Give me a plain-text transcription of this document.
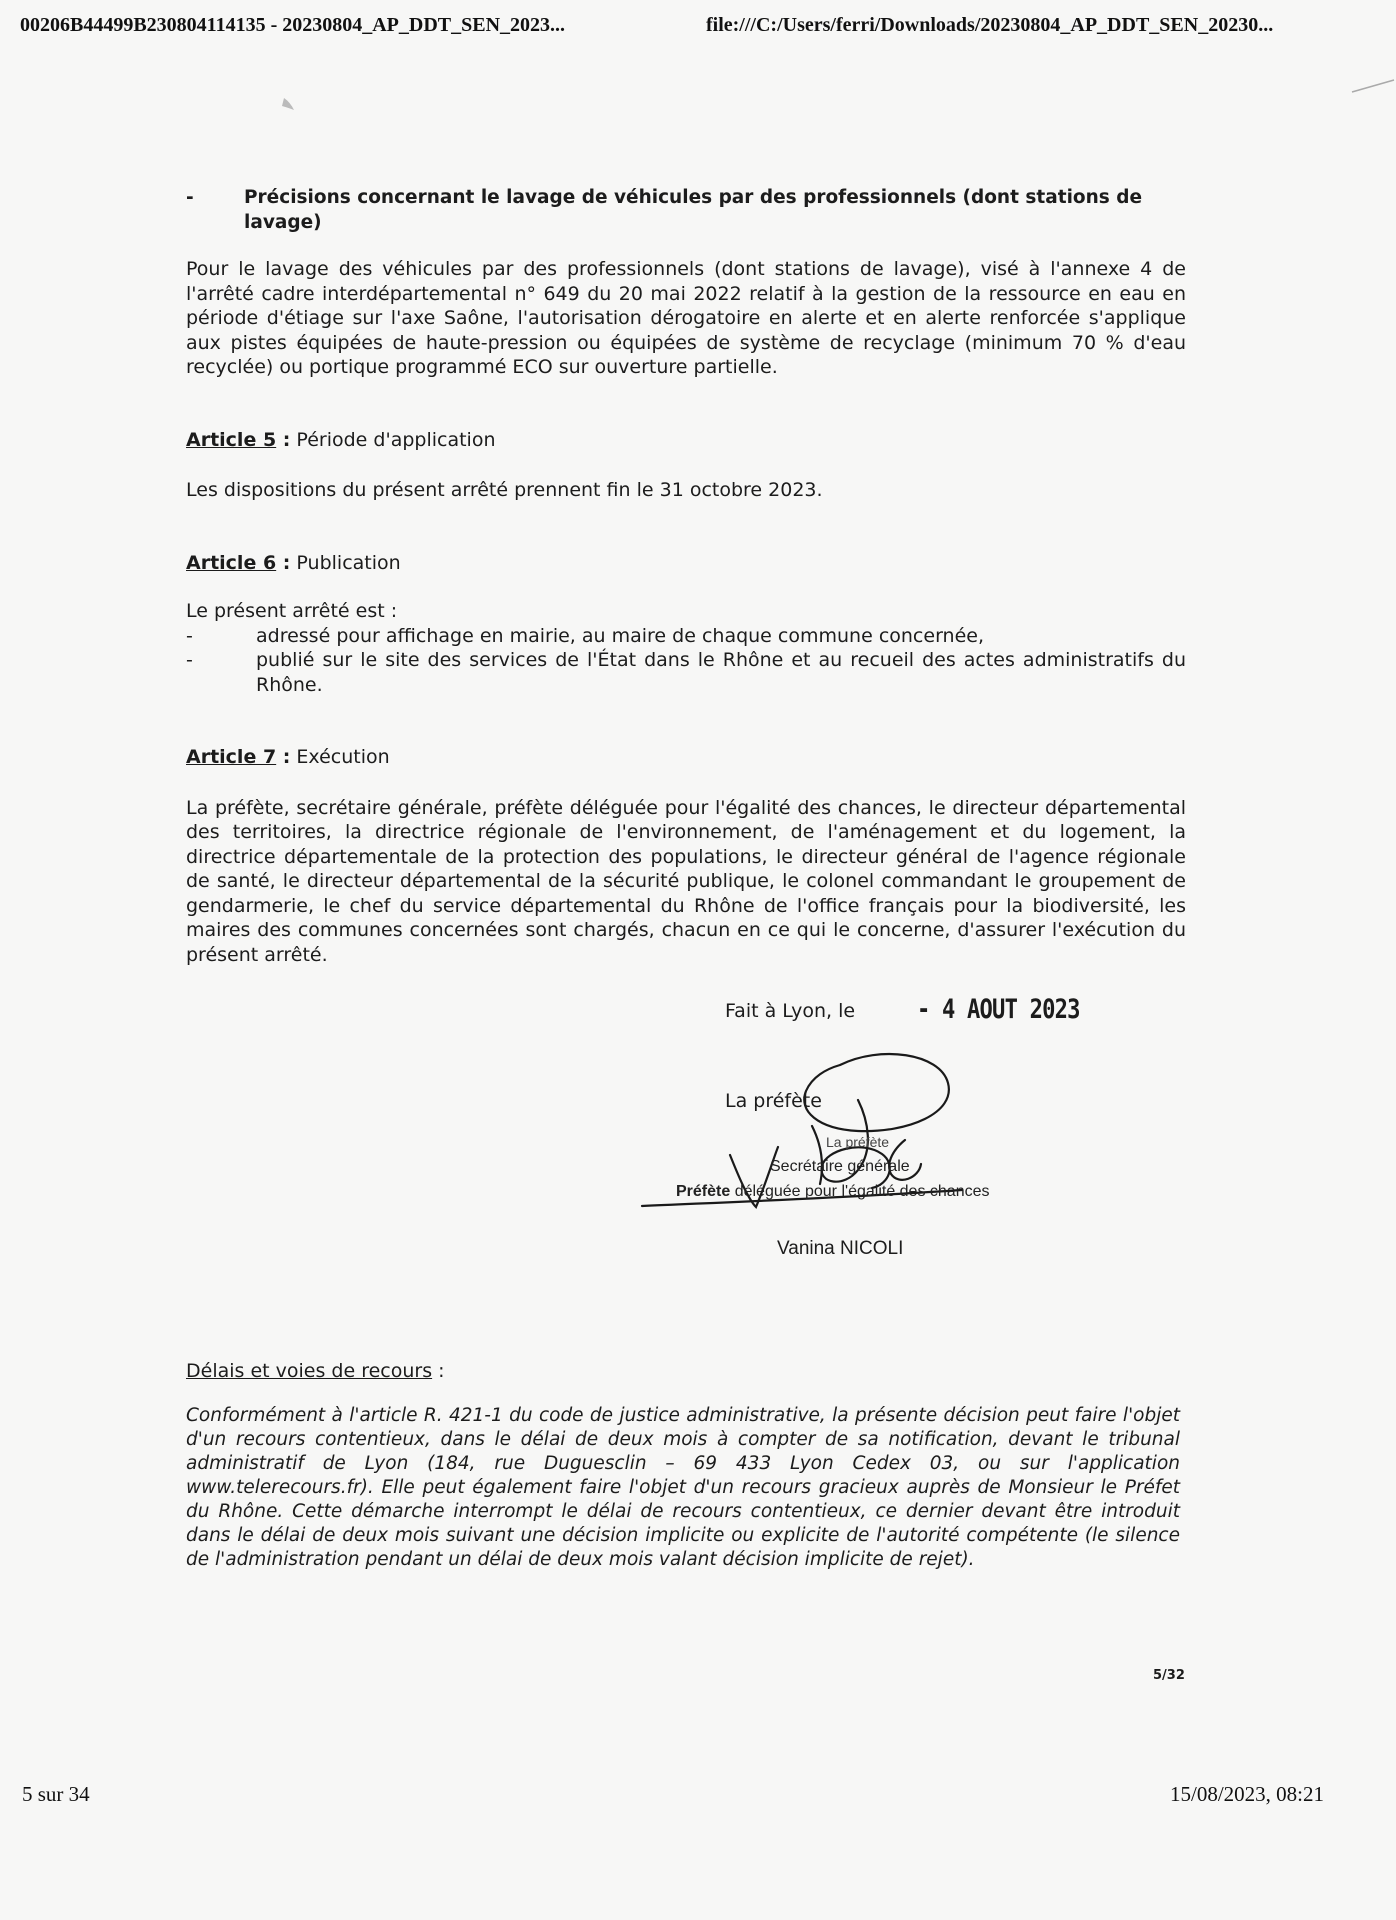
00206B44499B230804114135 - 20230804_AP_DDT_SEN_2023...	file:///C:/Users/ferri/Downloads/20230804_AP_DDT_SEN_20230...
-	Précisions concernant le lavage de véhicules par des professionnels (dont stations de lavage)
Pour le lavage des véhicules par des professionnels (dont stations de lavage), visé à l'annexe 4 de l'arrêté cadre interdépartemental n° 649 du 20 mai 2022 relatif à la gestion de la ressource en eau en période d'étiage sur l'axe Saône, l'autorisation dérogatoire en alerte et en alerte renforcée s'applique aux pistes équipées de haute-pression ou équipées de système de recyclage (minimum 70 % d'eau recyclée) ou portique programmé ECO sur ouverture partielle.
Article 5 : Période d'application
Les dispositions du présent arrêté prennent fin le 31 octobre 2023.
Article 6 : Publication
Le présent arrêté est :
-	adressé pour affichage en mairie, au maire de chaque commune concernée,
-	publié sur le site des services de l'État dans le Rhône et au recueil des actes administratifs du Rhône.
Article 7 : Exécution
La préfète, secrétaire générale, préfète déléguée pour l'égalité des chances, le directeur départemental des territoires, la directrice régionale de l'environnement, de l'aménagement et du logement, la directrice départementale de la protection des populations, le directeur général de l'agence régionale de santé, le directeur départemental de la sécurité publique, le colonel commandant le groupement de gendarmerie, le chef du service départemental du Rhône de l'office français pour la biodiversité, les maires des communes concernées sont chargés, chacun en ce qui le concerne, d'assurer l'exécution du présent arrêté.
Fait à Lyon, le - 4 AOUT 2023
La préfète
Secrétaire générale
Préfète déléguée pour l'égalité des chances
La préfète
Vanina NICOLI
Délais et voies de recours :
Conformément à l'article R. 421-1 du code de justice administrative, la présente décision peut faire l'objet d'un recours contentieux, dans le délai de deux mois à compter de sa notification, devant le tribunal administratif de Lyon (184, rue Duguesclin – 69 433 Lyon Cedex 03, ou sur l'application www.telerecours.fr). Elle peut également faire l'objet d'un recours gracieux auprès de Monsieur le Préfet du Rhône. Cette démarche interrompt le délai de recours contentieux, ce dernier devant être introduit dans le délai de deux mois suivant une décision implicite ou explicite de l'autorité compétente (le silence de l'administration pendant un délai de deux mois valant décision implicite de rejet).
5/32
5 sur 34	15/08/2023, 08:21
